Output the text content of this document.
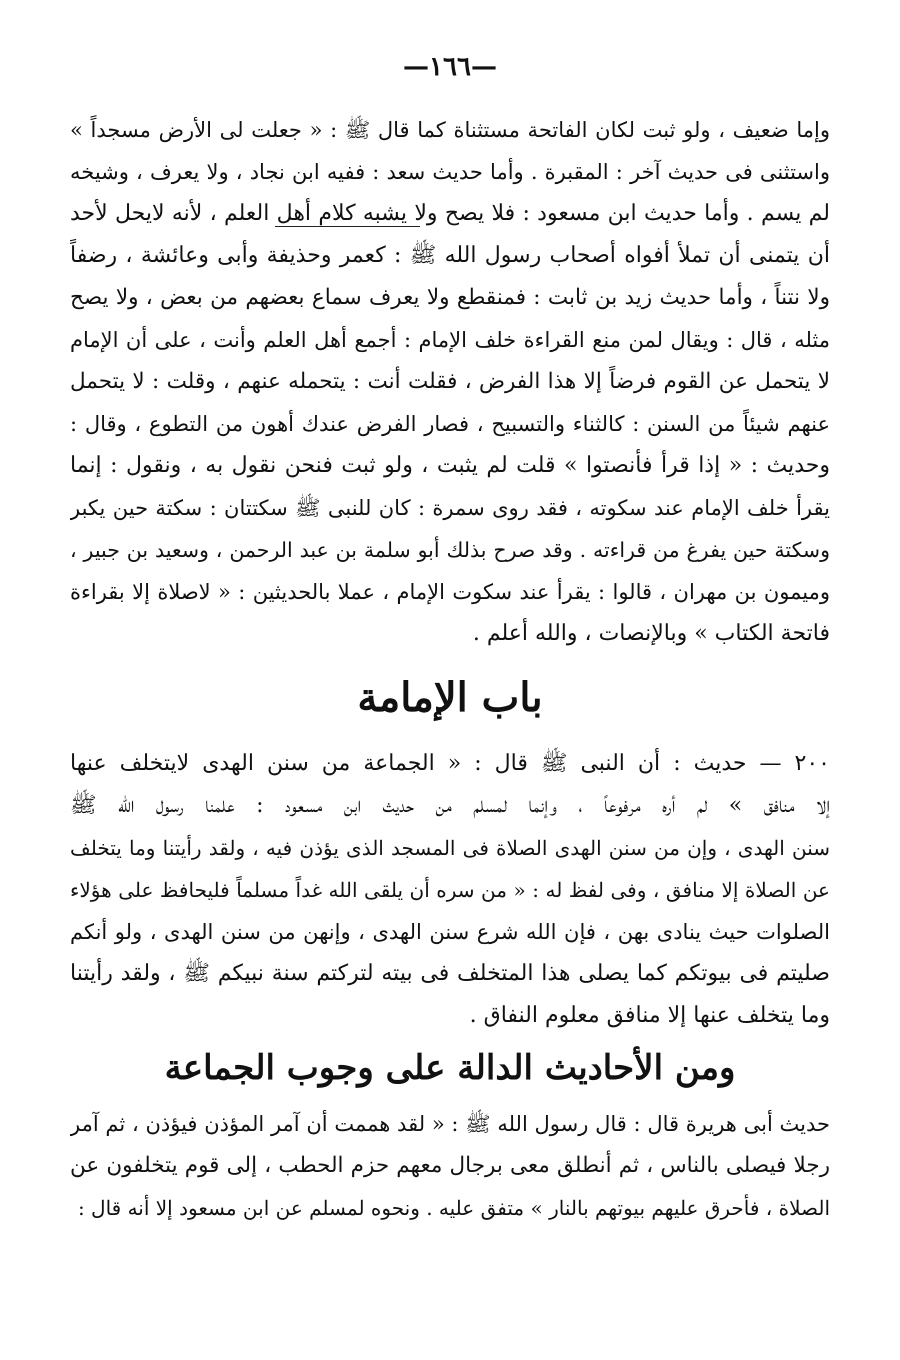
—١٦٦—
وإما ضعيف ، ولو ثبت لكان الفاتحة مستثناة كما قال ﷺ : « جعلت لى الأرض مسجداً »
واستثنى فى حديث آخر : المقبرة . وأما حديث سعد : ففيه ابن نجاد ، ولا يعرف ، وشيخه
لم يسم . وأما حديث ابن مسعود : فلا يصح ولا يشبه كلام أهل العلم ، لأنه لايحل لأحد
أن يتمنى أن تملأ أفواه أصحاب رسول الله ﷺ : كعمر وحذيفة وأبى وعائشة ، رضفاً
ولا نتناً ، وأما حديث زيد بن ثابت : فمنقطع ولا يعرف سماع بعضهم من بعض ، ولا يصح
مثله ، قال : ويقال لمن منع القراءة خلف الإمام : أجمع أهل العلم وأنت ، على أن الإمام
لا يتحمل عن القوم فرضاً إلا هذا الفرض ، فقلت أنت : يتحمله عنهم ، وقلت : لا يتحمل
عنهم شيئاً من السنن : كالثناء والتسبيح ، فصار الفرض عندك أهون من التطوع ، وقال :
وحديث : « إذا قرأ فأنصتوا » قلت لم يثبت ، ولو ثبت فنحن نقول به ، ونقول : إنما
يقرأ خلف الإمام عند سكوته ، فقد روى سمرة : كان للنبى ﷺ سكتتان : سكتة حين يكبر
وسكتة حين يفرغ من قراءته . وقد صرح بذلك أبو سلمة بن عبد الرحمن ، وسعيد بن جبير ،
وميمون بن مهران ، قالوا : يقرأ عند سكوت الإمام ، عملا بالحديثين : « لاصلاة إلا بقراءة
فاتحة الكتاب » وبالإنصات ، والله أعلم .
باب الإمامة
٢٠٠ — حديث : أن النبى ﷺ قال : « الجماعة من سنن الهدى لايتخلف عنها
إلا منافق » لم أره مرفوعاً ، وإنما لمسلم من حديث ابن مسعود : علمنا رسول الله ﷺ
سنن الهدى ، وإن من سنن الهدى الصلاة فى المسجد الذى يؤذن فيه ، ولقد رأيتنا وما يتخلف
عن الصلاة إلا منافق ، وفى لفظ له : « من سره أن يلقى الله غداً مسلماً فليحافظ على هؤلاء
الصلوات حيث ينادى بهن ، فإن الله شرع سنن الهدى ، وإنهن من سنن الهدى ، ولو أنكم
صليتم فى بيوتكم كما يصلى هذا المتخلف فى بيته لتركتم سنة نبيكم ﷺ ، ولقد رأيتنا
وما يتخلف عنها إلا منافق معلوم النفاق .
ومن الأحاديث الدالة على وجوب الجماعة
حديث أبى هريرة قال : قال رسول الله ﷺ : « لقد هممت أن آمر المؤذن فيؤذن ، ثم آمر
رجلا فيصلى بالناس ، ثم أنطلق معى برجال معهم حزم الحطب ، إلى قوم يتخلفون عن
الصلاة ، فأحرق عليهم بيوتهم بالنار » متفق عليه . ونحوه لمسلم عن ابن مسعود إلا أنه قال :
